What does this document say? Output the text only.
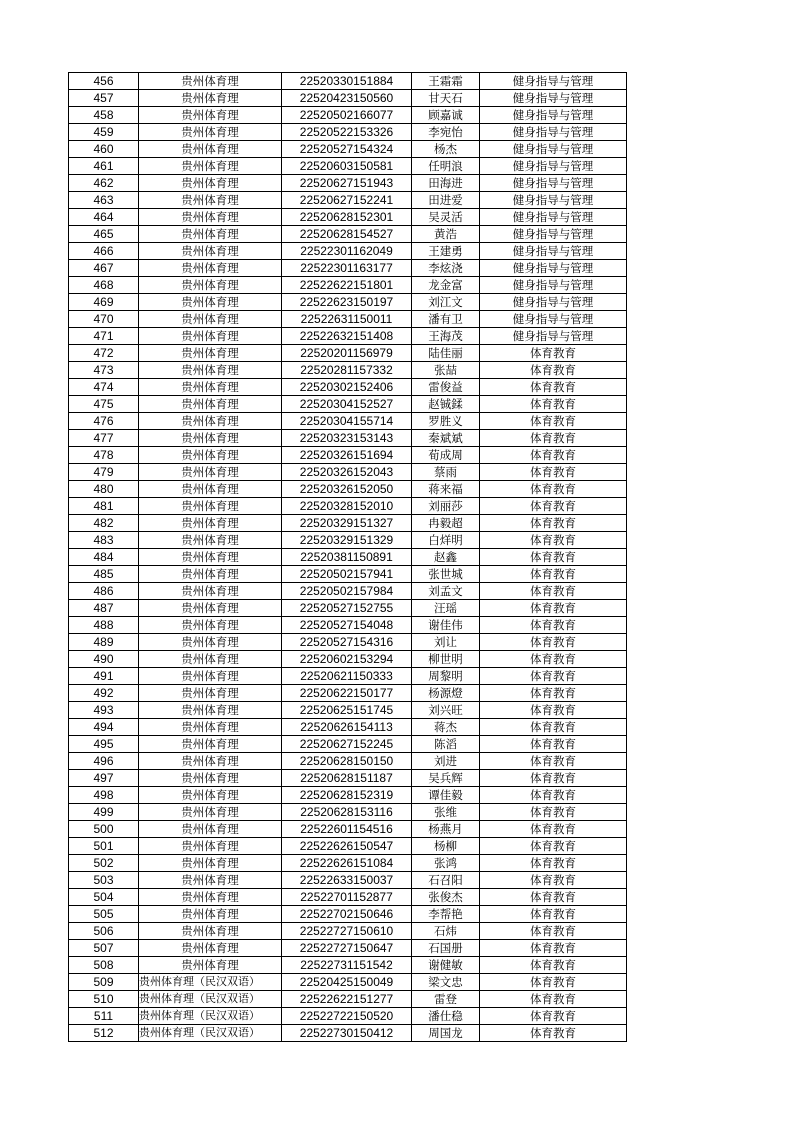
456	贵州体育理	22520330151884	王霜霜	健身指导与管理
457	贵州体育理	22520423150560	甘天石	健身指导与管理
458	贵州体育理	22520502166077	顾嘉诚	健身指导与管理
459	贵州体育理	22520522153326	李宛怡	健身指导与管理
460	贵州体育理	22520527154324	杨杰	健身指导与管理
461	贵州体育理	22520603150581	任明浪	健身指导与管理
462	贵州体育理	22520627151943	田海进	健身指导与管理
463	贵州体育理	22520627152241	田进爱	健身指导与管理
464	贵州体育理	22520628152301	吴灵活	健身指导与管理
465	贵州体育理	22520628154527	黄浩	健身指导与管理
466	贵州体育理	22522301162049	王建勇	健身指导与管理
467	贵州体育理	22522301163177	李炫浇	健身指导与管理
468	贵州体育理	22522622151801	龙金富	健身指导与管理
469	贵州体育理	22522623150197	刘江文	健身指导与管理
470	贵州体育理	22522631150011	潘有卫	健身指导与管理
471	贵州体育理	22522632151408	王海茂	健身指导与管理
472	贵州体育理	22520201156979	陆佳丽	体育教育
473	贵州体育理	22520281157332	张喆	体育教育
474	贵州体育理	22520302152406	雷俊益	体育教育
475	贵州体育理	22520304152527	赵铖鍒	体育教育
476	贵州体育理	22520304155714	罗胜义	体育教育
477	贵州体育理	22520323153143	秦斌斌	体育教育
478	贵州体育理	22520326151694	荀成周	体育教育
479	贵州体育理	22520326152043	蔡雨	体育教育
480	贵州体育理	22520326152050	蒋来福	体育教育
481	贵州体育理	22520328152010	刘丽莎	体育教育
482	贵州体育理	22520329151327	冉毅超	体育教育
483	贵州体育理	22520329151329	白烊明	体育教育
484	贵州体育理	22520381150891	赵鑫	体育教育
485	贵州体育理	22520502157941	张世城	体育教育
486	贵州体育理	22520502157984	刘孟文	体育教育
487	贵州体育理	22520527152755	汪瑶	体育教育
488	贵州体育理	22520527154048	谢佳伟	体育教育
489	贵州体育理	22520527154316	刘让	体育教育
490	贵州体育理	22520602153294	柳世明	体育教育
491	贵州体育理	22520621150333	周黎明	体育教育
492	贵州体育理	22520622150177	杨源燈	体育教育
493	贵州体育理	22520625151745	刘兴旺	体育教育
494	贵州体育理	22520626154113	蒋杰	体育教育
495	贵州体育理	22520627152245	陈滔	体育教育
496	贵州体育理	22520628150150	刘进	体育教育
497	贵州体育理	22520628151187	吴兵辉	体育教育
498	贵州体育理	22520628152319	谭佳毅	体育教育
499	贵州体育理	22520628153116	张维	体育教育
500	贵州体育理	22522601154516	杨燕月	体育教育
501	贵州体育理	22522626150547	杨柳	体育教育
502	贵州体育理	22522626151084	张鸿	体育教育
503	贵州体育理	22522633150037	石召阳	体育教育
504	贵州体育理	22522701152877	张俊杰	体育教育
505	贵州体育理	22522702150646	李帮艳	体育教育
506	贵州体育理	22522727150610	石炜	体育教育
507	贵州体育理	22522727150647	石国册	体育教育
508	贵州体育理	22522731151542	谢健敏	体育教育
509	贵州体育理（民汉双语）	22520425150049	梁文忠	体育教育
510	贵州体育理（民汉双语）	22522622151277	雷登	体育教育
511	贵州体育理（民汉双语）	22522722150520	潘仕稳	体育教育
512	贵州体育理（民汉双语）	22522730150412	周国龙	体育教育
